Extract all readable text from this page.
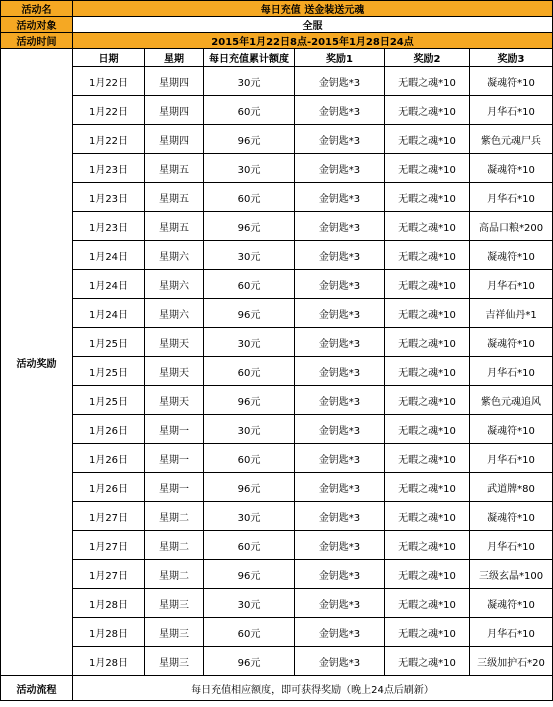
活动名	每日充值 送金装送元魂					
活动对象	全服					
活动时间	2015年1月22日8点-2015年1月28日24点					
活动奖励	日期	星期	每日充值累计额度	奖励1	奖励2	奖励3
	1月22日	星期四	30元	金钥匙*3	无暇之魂*10	凝魂符*10
	1月22日	星期四	60元	金钥匙*3	无暇之魂*10	月华石*10
	1月22日	星期四	96元	金钥匙*3	无暇之魂*10	紫色元魂尸兵
	1月23日	星期五	30元	金钥匙*3	无暇之魂*10	凝魂符*10
	1月23日	星期五	60元	金钥匙*3	无暇之魂*10	月华石*10
	1月23日	星期五	96元	金钥匙*3	无暇之魂*10	高品口粮*200
	1月24日	星期六	30元	金钥匙*3	无暇之魂*10	凝魂符*10
	1月24日	星期六	60元	金钥匙*3	无暇之魂*10	月华石*10
	1月24日	星期六	96元	金钥匙*3	无暇之魂*10	吉祥仙丹*1
	1月25日	星期天	30元	金钥匙*3	无暇之魂*10	凝魂符*10
	1月25日	星期天	60元	金钥匙*3	无暇之魂*10	月华石*10
	1月25日	星期天	96元	金钥匙*3	无暇之魂*10	紫色元魂追风
	1月26日	星期一	30元	金钥匙*3	无暇之魂*10	凝魂符*10
	1月26日	星期一	60元	金钥匙*3	无暇之魂*10	月华石*10
	1月26日	星期一	96元	金钥匙*3	无暇之魂*10	武道牌*80
	1月27日	星期二	30元	金钥匙*3	无暇之魂*10	凝魂符*10
	1月27日	星期二	60元	金钥匙*3	无暇之魂*10	月华石*10
	1月27日	星期二	96元	金钥匙*3	无暇之魂*10	三级玄晶*100
	1月28日	星期三	30元	金钥匙*3	无暇之魂*10	凝魂符*10
	1月28日	星期三	60元	金钥匙*3	无暇之魂*10	月华石*10
	1月28日	星期三	96元	金钥匙*3	无暇之魂*10	三级加护石*20
活动流程	每日充值相应额度，即可获得奖励（晚上24点后刷新）					
